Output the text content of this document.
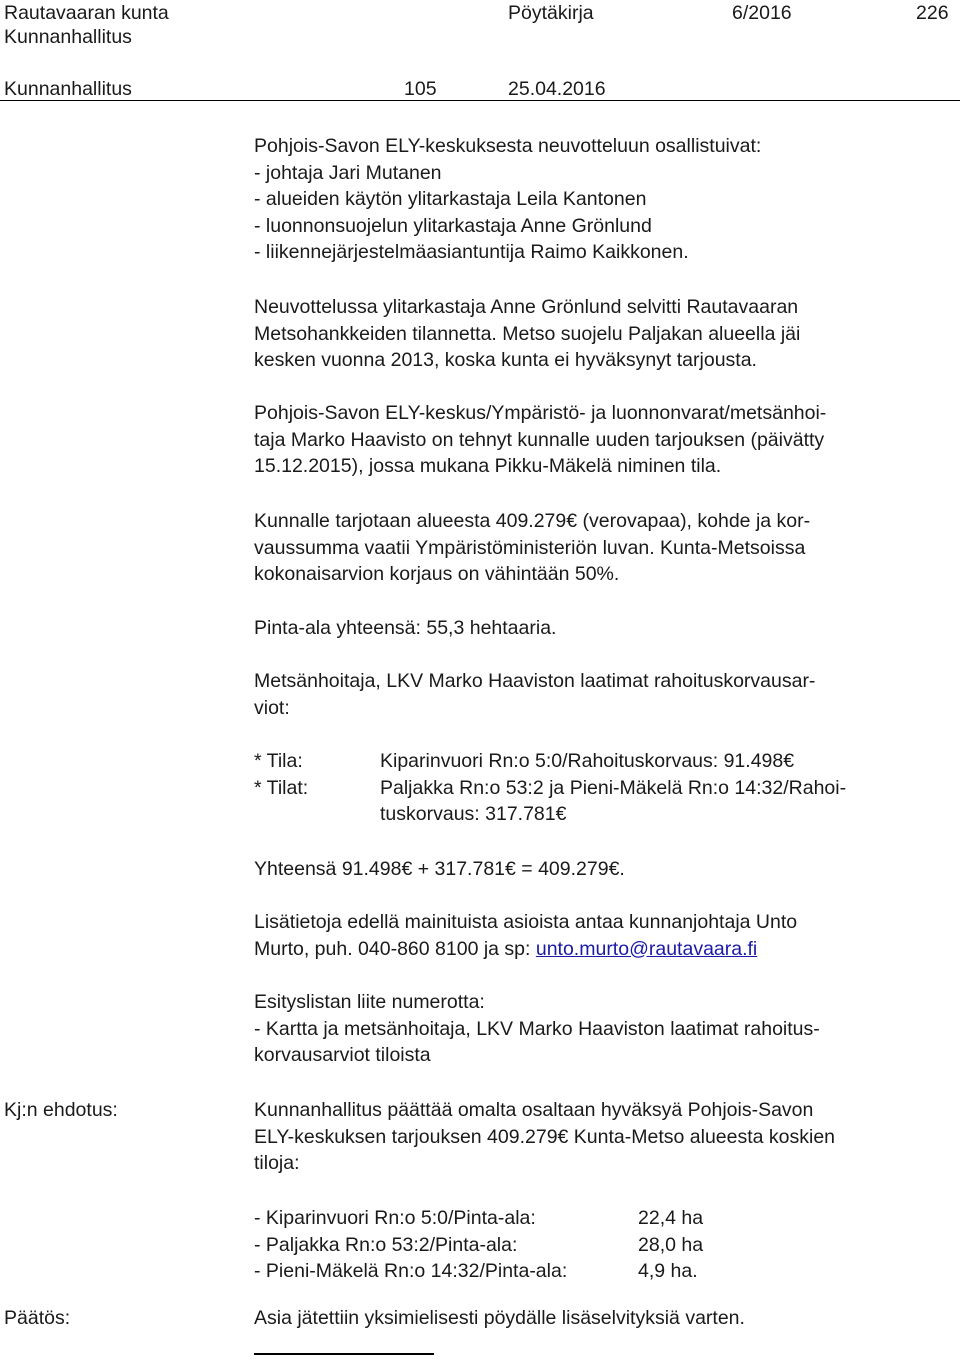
Rautavaaran kunta
Kunnanhallitus
Pöytäkirja	6/2016	226
Kunnanhallitus	105	25.04.2016

Pohjois-Savon ELY-keskuksesta neuvotteluun osallistuivat:

- johtaja Jari Mutanen

- alueiden käytön ylitarkastaja Leila Kantonen

- luonnonsuojelun ylitarkastaja Anne Grönlund

- liikennejärjestelmäasiantuntija Raimo Kaikkonen.

Neuvottelussa ylitarkastaja Anne Grönlund selvitti Rautavaaran

Metsohankkeiden tilannetta. Metso suojelu Paljakan alueella jäi

kesken vuonna 2013, koska kunta ei hyväksynyt tarjousta.

Pohjois-Savon ELY-keskus/Ympäristö- ja luonnonvarat/metsänhoi-

taja Marko Haavisto on tehnyt kunnalle uuden tarjouksen (päivätty

15.12.2015), jossa mukana Pikku-Mäkelä niminen tila.

Kunnalle tarjotaan alueesta 409.279€ (verovapaa), kohde ja kor-

vaussumma vaatii Ympäristöministeriön luvan. Kunta-Metsoissa

kokonaisarvion korjaus on vähintään 50%.

Pinta-ala yhteensä: 55,3 hehtaaria.

Metsänhoitaja, LKV Marko Haaviston laatimat rahoituskorvausar-

viot:

* Tila:	Kiparinvuori Rn:o 5:0/Rahoituskorvaus: 91.498€

* Tilat:	Paljakka Rn:o 53:2 ja Pieni-Mäkelä Rn:o 14:32/Rahoi-

tuskorvaus: 317.781€

Yhteensä 91.498€ + 317.781€ = 409.279€.

Lisätietoja edellä mainituista asioista antaa kunnanjohtaja Unto

Murto, puh. 040-860 8100 ja sp: unto.murto@rautavaara.fi

Esityslistan liite numerotta:

- Kartta ja metsänhoitaja, LKV Marko Haaviston laatimat rahoitus-

korvausarviot tiloista

Kj:n ehdotus:	Kunnanhallitus päättää omalta osaltaan hyväksyä Pohjois-Savon

ELY-keskuksen tarjouksen 409.279€ Kunta-Metso alueesta koskien

tiloja:

- Kiparinvuori Rn:o 5:0/Pinta-ala:	22,4 ha

- Paljakka Rn:o 53:2/Pinta-ala:	28,0 ha

- Pieni-Mäkelä Rn:o 14:32/Pinta-ala:	4,9 ha.

Päätös:	Asia jätettiin yksimielisesti pöydälle lisäselvityksiä varten.
